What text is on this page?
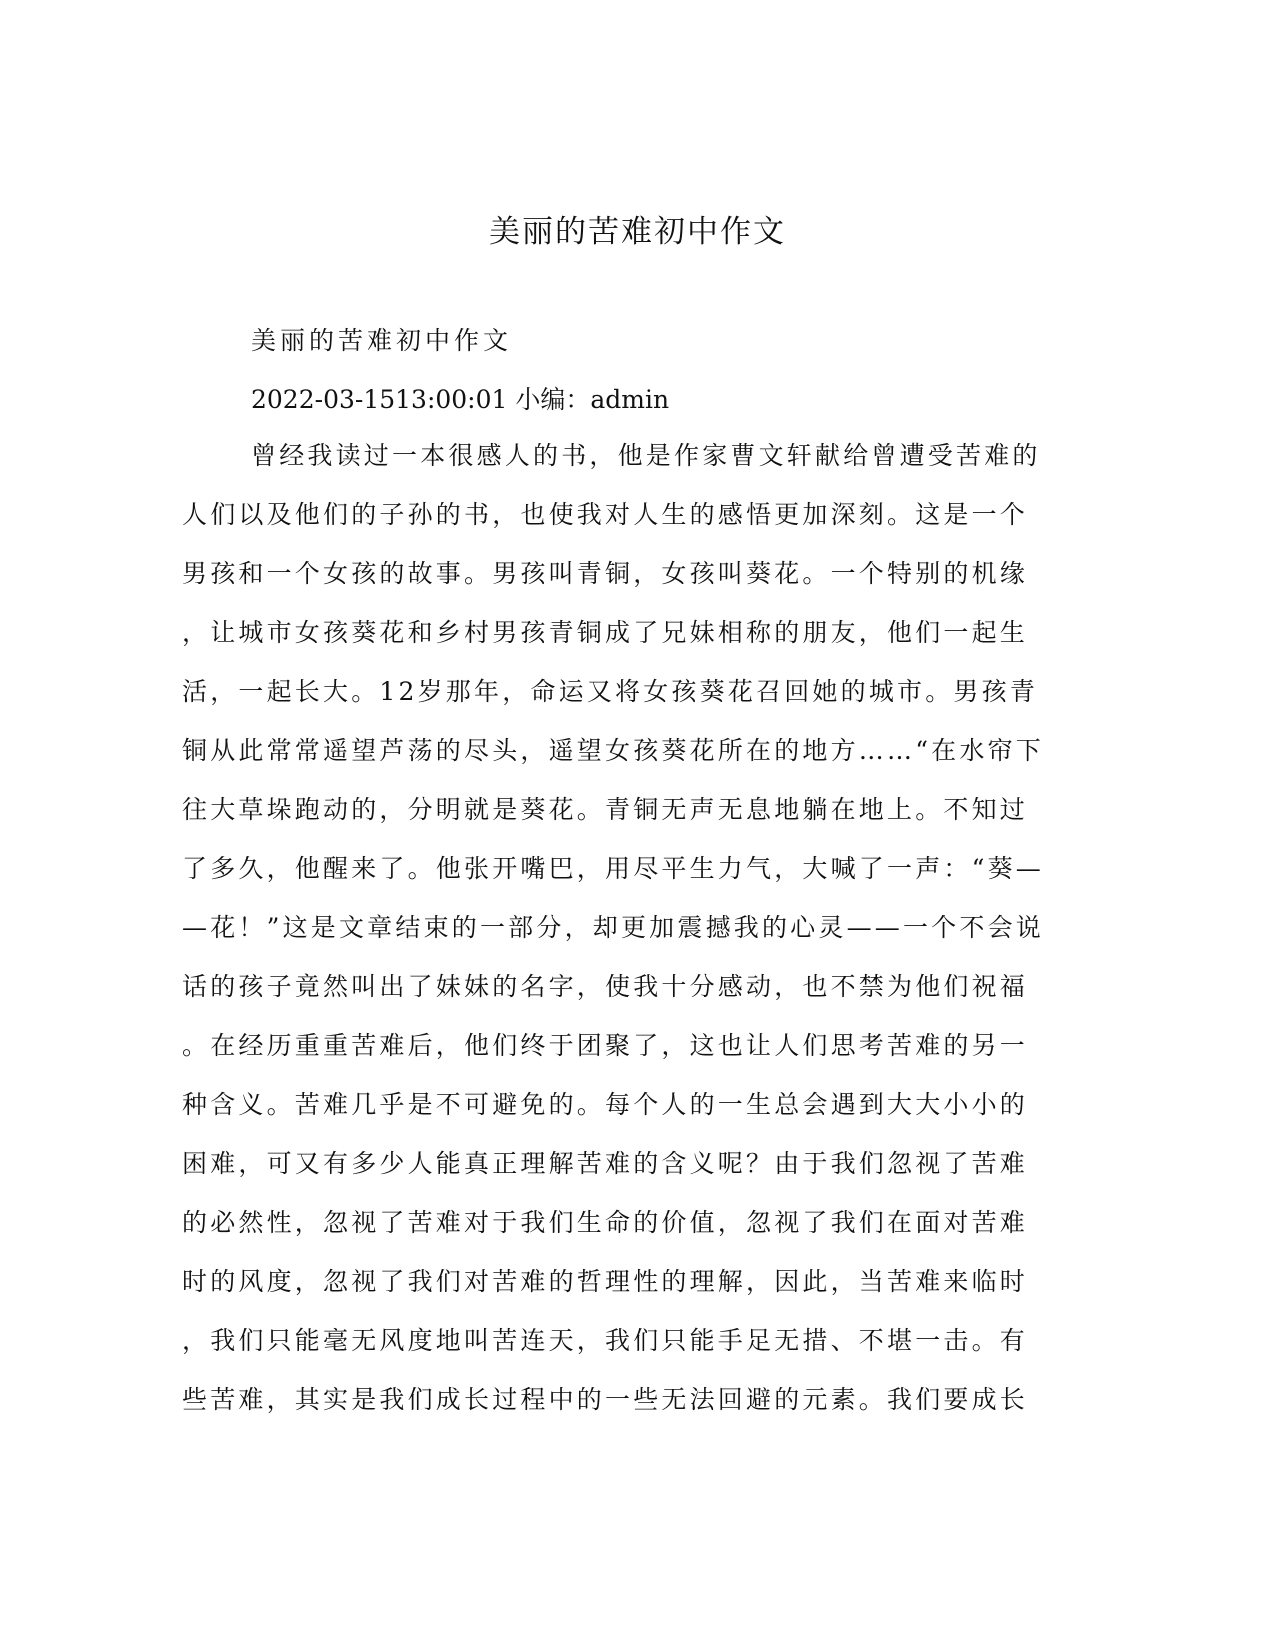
美丽的苦难初中作文

美丽的苦难初中作文

2022-03-1513:00:01 小编：admin

曾经我读过一本很感人的书，他是作家曹文轩献给曾遭受苦难的
人们以及他们的子孙的书，也使我对人生的感悟更加深刻。这是一个
男孩和一个女孩的故事。男孩叫青铜，女孩叫葵花。一个特别的机缘
，让城市女孩葵花和乡村男孩青铜成了兄妹相称的朋友，他们一起生
活，一起长大。12岁那年，命运又将女孩葵花召回她的城市。男孩青
铜从此常常遥望芦荡的尽头，遥望女孩葵花所在的地方……“在水帘下
往大草垛跑动的，分明就是葵花。青铜无声无息地躺在地上。不知过
了多久，他醒来了。他张开嘴巴，用尽平生力气，大喊了一声：“葵—
—花！”这是文章结束的一部分，却更加震撼我的心灵——一个不会说
话的孩子竟然叫出了妹妹的名字，使我十分感动，也不禁为他们祝福
。在经历重重苦难后，他们终于团聚了，这也让人们思考苦难的另一
种含义。苦难几乎是不可避免的。每个人的一生总会遇到大大小小的
困难，可又有多少人能真正理解苦难的含义呢？由于我们忽视了苦难
的必然性，忽视了苦难对于我们生命的价值，忽视了我们在面对苦难
时的风度，忽视了我们对苦难的哲理性的理解，因此，当苦难来临时
，我们只能毫无风度地叫苦连天，我们只能手足无措、不堪一击。有
些苦难，其实是我们成长过程中的一些无法回避的元素。我们要成长
